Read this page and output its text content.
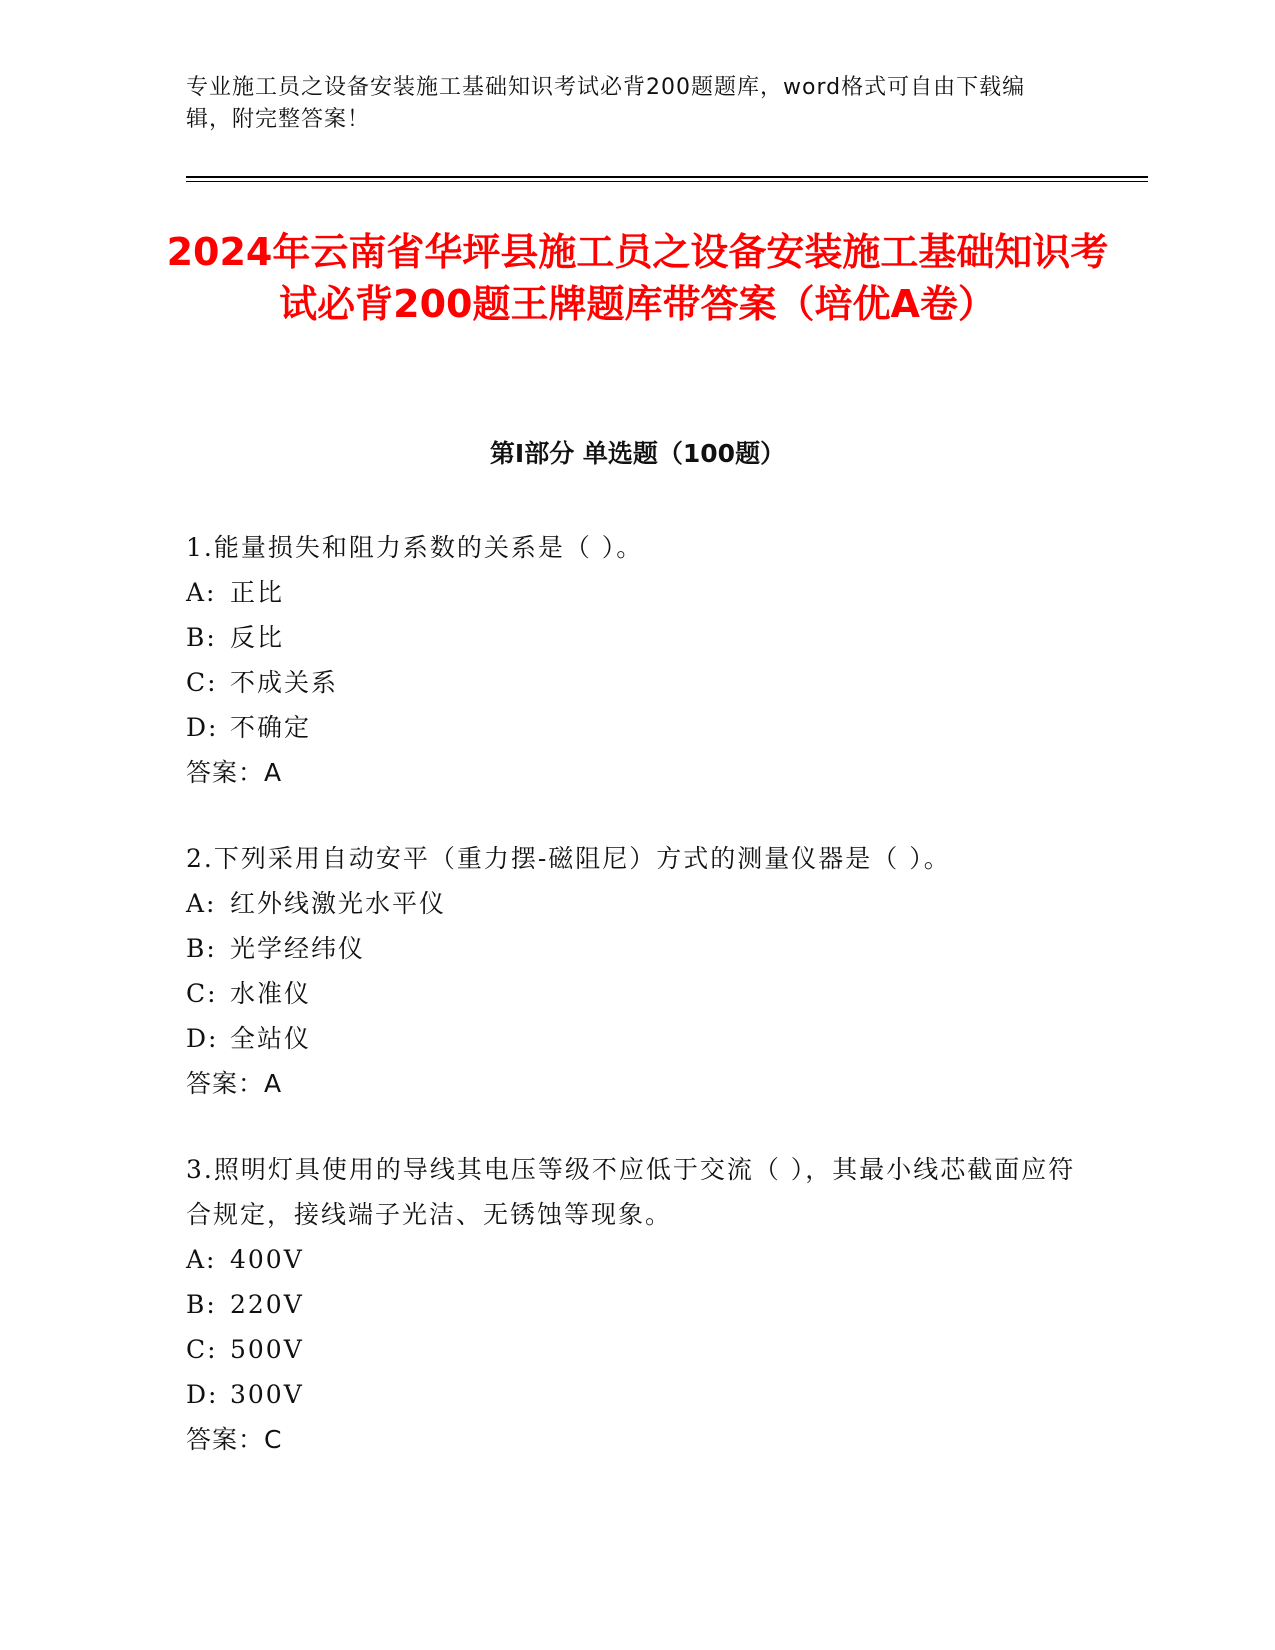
专业施工员之设备安装施工基础知识考试必背200题题库，word格式可自由下载编辑，附完整答案！
2024年云南省华坪县施工员之设备安装施工基础知识考试必背200题王牌题库带答案（培优A卷）
第I部分 单选题（100题）
1.能量损失和阻力系数的关系是（ ）。
A: 正比
B: 反比
C: 不成关系
D: 不确定
答案：A
2.下列采用自动安平（重力摆-磁阻尼）方式的测量仪器是（ ）。
A: 红外线激光水平仪
B: 光学经纬仪
C: 水准仪
D: 全站仪
答案：A
3.照明灯具使用的导线其电压等级不应低于交流（ ），其最小线芯截面应符合规定，接线端子光洁、无锈蚀等现象。
A: 400V
B: 220V
C: 500V
D: 300V
答案：C
